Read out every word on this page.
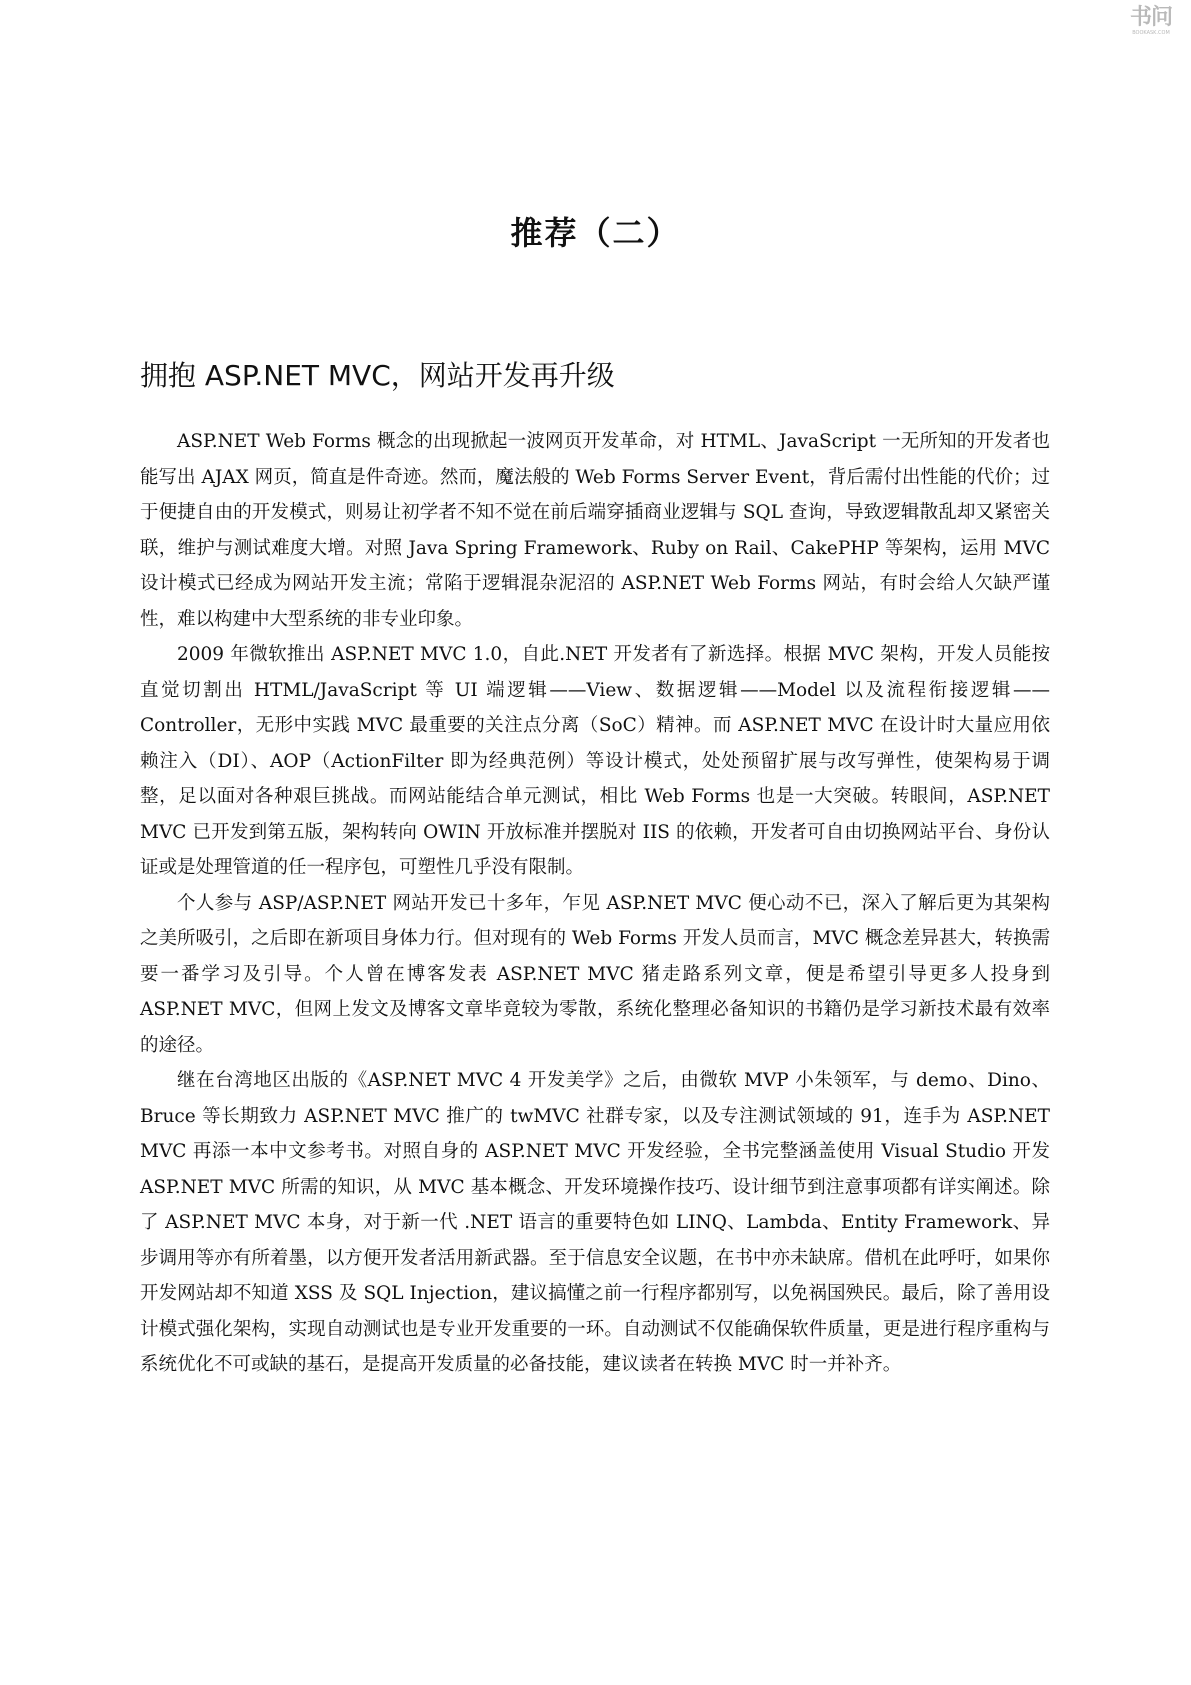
书问
BOOKASK.COM
推荐（二）
拥抱 ASP.NET MVC，网站开发再升级

ASP.NET Web Forms 概念的出现掀起一波网页开发革命，对 HTML、JavaScript 一无所知的开发者也能写出 AJAX 网页，简直是件奇迹。然而，魔法般的 Web Forms Server Event，背后需付出性能的代价；过于便捷自由的开发模式，则易让初学者不知不觉在前后端穿插商业逻辑与 SQL 查询，导致逻辑散乱却又紧密关联，维护与测试难度大增。对照 Java Spring Framework、Ruby on Rail、CakePHP 等架构，运用 MVC 设计模式已经成为网站开发主流；常陷于逻辑混杂泥沼的 ASP.NET Web Forms 网站，有时会给人欠缺严谨性，难以构建中大型系统的非专业印象。

2009 年微软推出 ASP.NET MVC 1.0，自此.NET 开发者有了新选择。根据 MVC 架构，开发人员能按直觉切割出 HTML/JavaScript 等 UI 端逻辑——View、数据逻辑——Model 以及流程衔接逻辑——Controller，无形中实践 MVC 最重要的关注点分离（SoC）精神。而 ASP.NET MVC 在设计时大量应用依赖注入（DI）、AOP（ActionFilter 即为经典范例）等设计模式，处处预留扩展与改写弹性，使架构易于调整，足以面对各种艰巨挑战。而网站能结合单元测试，相比 Web Forms 也是一大突破。转眼间，ASP.NET MVC 已开发到第五版，架构转向 OWIN 开放标准并摆脱对 IIS 的依赖，开发者可自由切换网站平台、身份认证或是处理管道的任一程序包，可塑性几乎没有限制。

个人参与 ASP/ASP.NET 网站开发已十多年，乍见 ASP.NET MVC 便心动不已，深入了解后更为其架构之美所吸引，之后即在新项目身体力行。但对现有的 Web Forms 开发人员而言，MVC 概念差异甚大，转换需要一番学习及引导。个人曾在博客发表 ASP.NET MVC 猪走路系列文章，便是希望引导更多人投身到 ASP.NET MVC，但网上发文及博客文章毕竟较为零散，系统化整理必备知识的书籍仍是学习新技术最有效率的途径。

继在台湾地区出版的《ASP.NET MVC 4 开发美学》之后，由微软 MVP 小朱领军，与 demo、Dino、Bruce 等长期致力 ASP.NET MVC 推广的 twMVC 社群专家，以及专注测试领域的 91，连手为 ASP.NET MVC 再添一本中文参考书。对照自身的 ASP.NET MVC 开发经验，全书完整涵盖使用 Visual Studio 开发 ASP.NET MVC 所需的知识，从 MVC 基本概念、开发环境操作技巧、设计细节到注意事项都有详实阐述。除了 ASP.NET MVC 本身，对于新一代 .NET 语言的重要特色如 LINQ、Lambda、Entity Framework、异步调用等亦有所着墨，以方便开发者活用新武器。至于信息安全议题，在书中亦未缺席。借机在此呼吁，如果你开发网站却不知道 XSS 及 SQL Injection，建议搞懂之前一行程序都别写，以免祸国殃民。最后，除了善用设计模式强化架构，实现自动测试也是专业开发重要的一环。自动测试不仅能确保软件质量，更是进行程序重构与系统优化不可或缺的基石，是提高开发质量的必备技能，建议读者在转换 MVC 时一并补齐。
